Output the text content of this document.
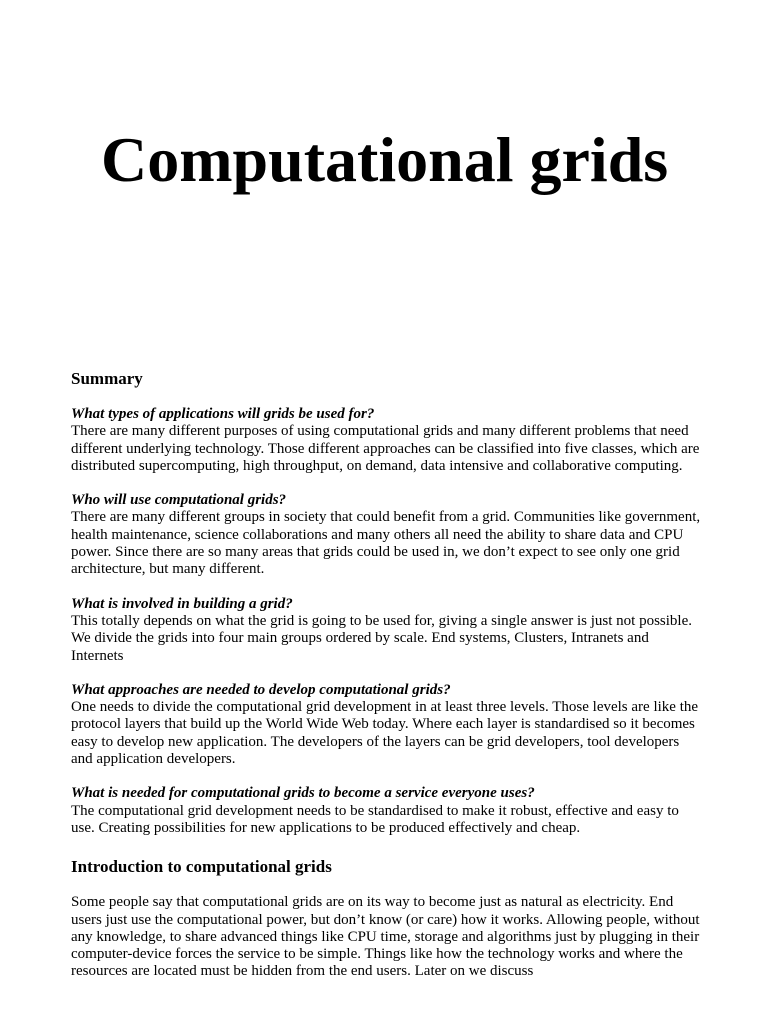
Computational grids
Summary

What types of applications will grids be used for?

There are many different purposes of using computational grids and many different problems that need different underlying technology. Those different approaches can be classified into five classes, which are distributed supercomputing, high throughput, on demand, data intensive and collaborative computing.

Who will use computational grids?

There are many different groups in society that could benefit from a grid. Communities like government, health maintenance, science collaborations and many others all need the ability to share data and CPU power. Since there are so many areas that grids could be used in, we don’t expect to see only one grid architecture, but many different.

What is involved in building a grid?

This totally depends on what the grid is going to be used for, giving a single answer is just not possible. We divide the grids into four main groups ordered by scale. End systems, Clusters, Intranets and Internets

What approaches are needed to develop computational grids?

One needs to divide the computational grid development in at least three levels. Those levels are like the protocol layers that build up the World Wide Web today. Where each layer is standardised so it becomes easy to develop new application. The developers of the layers can be grid developers, tool developers and application developers.

What is needed for computational grids to become a service everyone uses?

The computational grid development needs to be standardised to make it robust, effective and easy to use. Creating possibilities for new applications to be produced effectively and cheap.

Introduction to computational grids

Some people say that computational grids are on its way to become just as natural as electricity. End users just use the computational power, but don’t know (or care) how it works. Allowing people, without any knowledge, to share advanced things like CPU time, storage and algorithms just by plugging in their computer-device forces the service to be simple. Things like how the technology works and where the resources are located must be hidden from the end users. Later on we discuss
